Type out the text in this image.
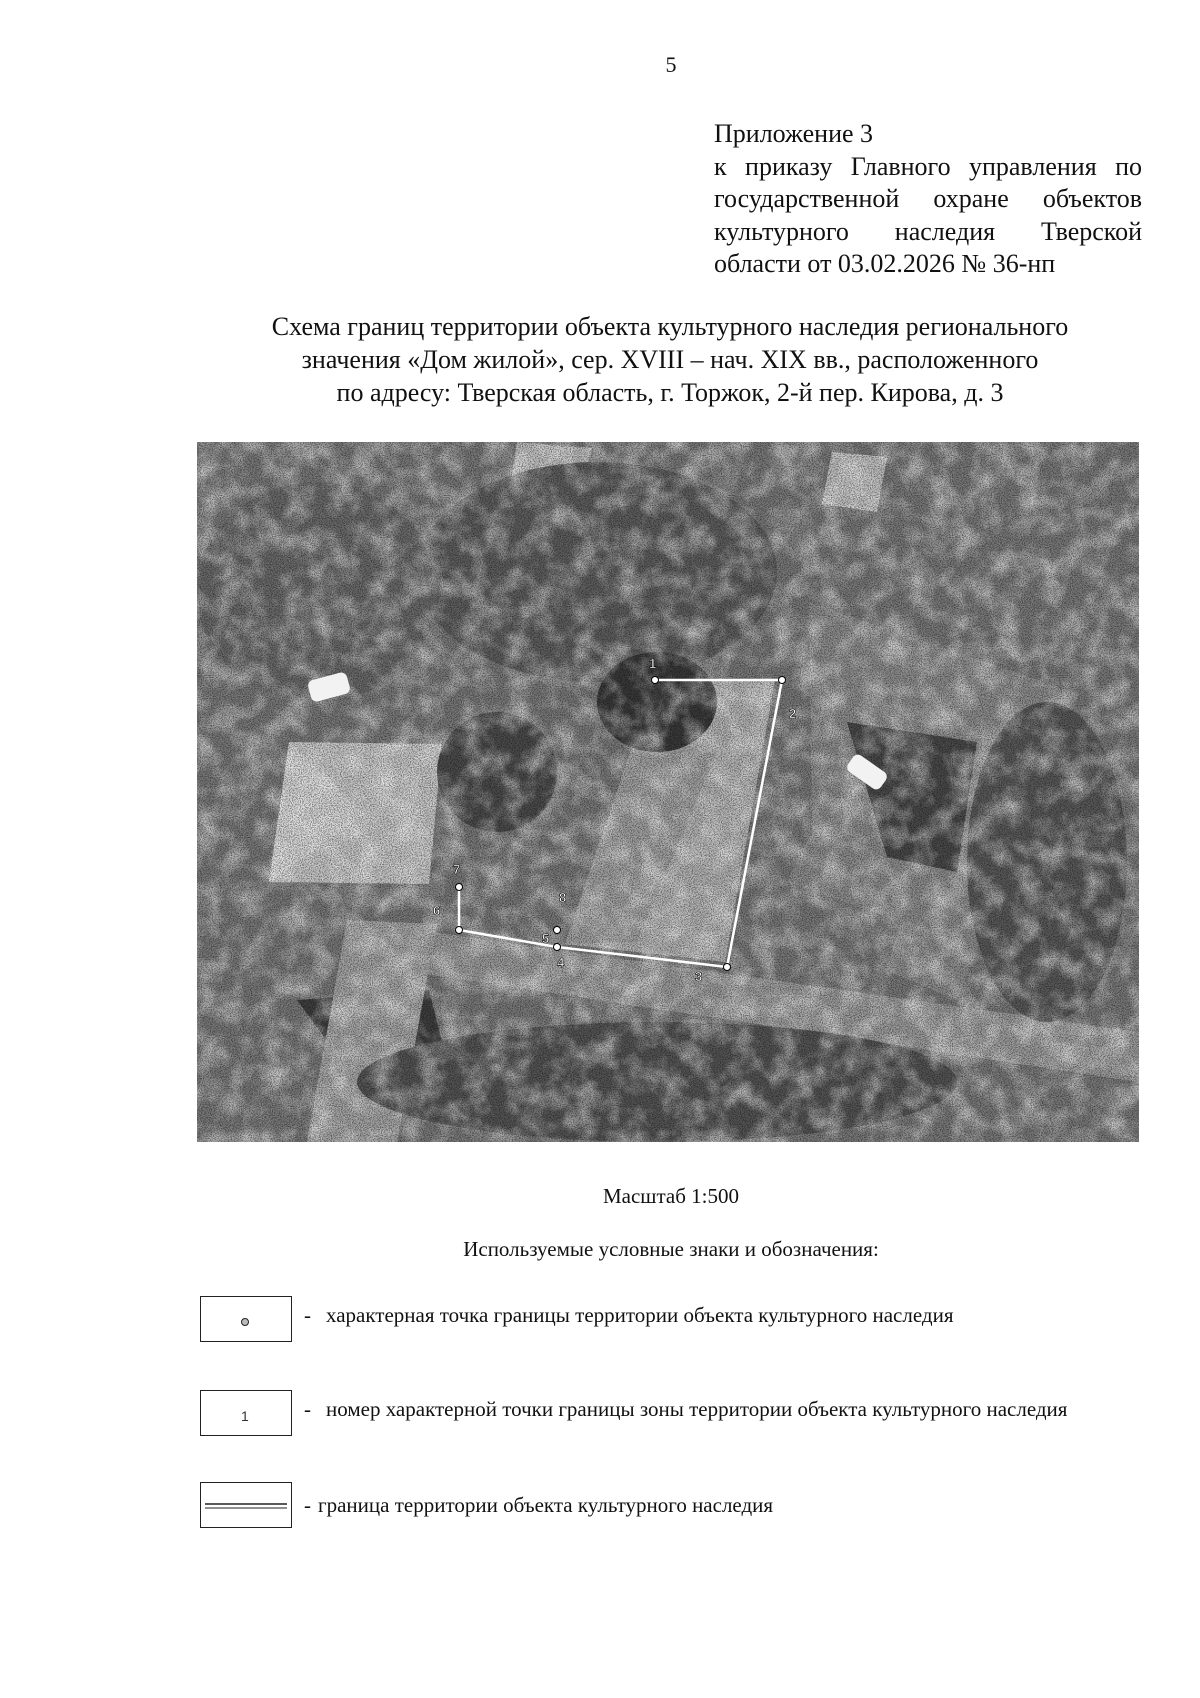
5
Приложение 3
к приказу Главного управления по
государственной охране объектов
культурного наследия Тверской
области от 03.02.2026 № 36-нп
Схема границ территории объекта культурного наследия регионального
значения «Дом жилой», сер. XVIII – нач. XIX вв., расположенного
по адресу: Тверская область, г. Торжок, 2-й пер. Кирова, д. 3
1
2
3
4
5
6
7
8
Масштаб 1:500
Используемые условные знаки и обозначения:
- характерная точка границы территории объекта культурного наследия
1	- номер характерной точки границы зоны территории объекта культурного наследия
- граница территории объекта культурного наследия
